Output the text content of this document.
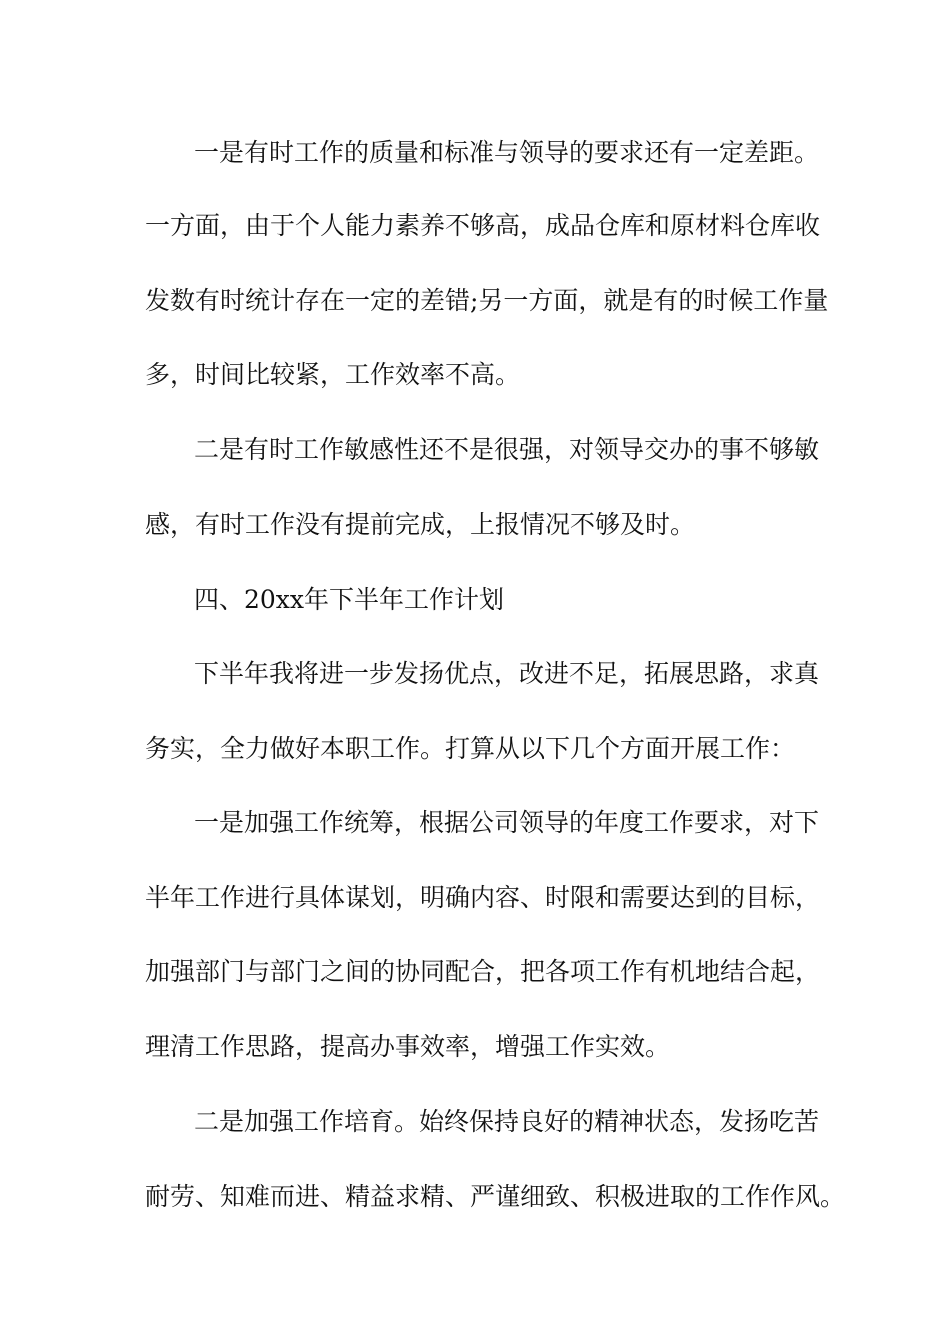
一是有时工作的质量和标准与领导的要求还有一定差距。
一方面，由于个人能力素养不够高，成品仓库和原材料仓库收
发数有时统计存在一定的差错;另一方面，就是有的时候工作量
多，时间比较紧，工作效率不高。
二是有时工作敏感性还不是很强，对领导交办的事不够敏
感，有时工作没有提前完成，上报情况不够及时。
四、20xx年下半年工作计划
下半年我将进一步发扬优点，改进不足，拓展思路，求真
务实，全力做好本职工作。打算从以下几个方面开展工作：
一是加强工作统筹，根据公司领导的年度工作要求，对下
半年工作进行具体谋划，明确内容、时限和需要达到的目标，
加强部门与部门之间的协同配合，把各项工作有机地结合起，
理清工作思路，提高办事效率，增强工作实效。
二是加强工作培育。始终保持良好的精神状态，发扬吃苦
耐劳、知难而进、精益求精、严谨细致、积极进取的工作作风。
